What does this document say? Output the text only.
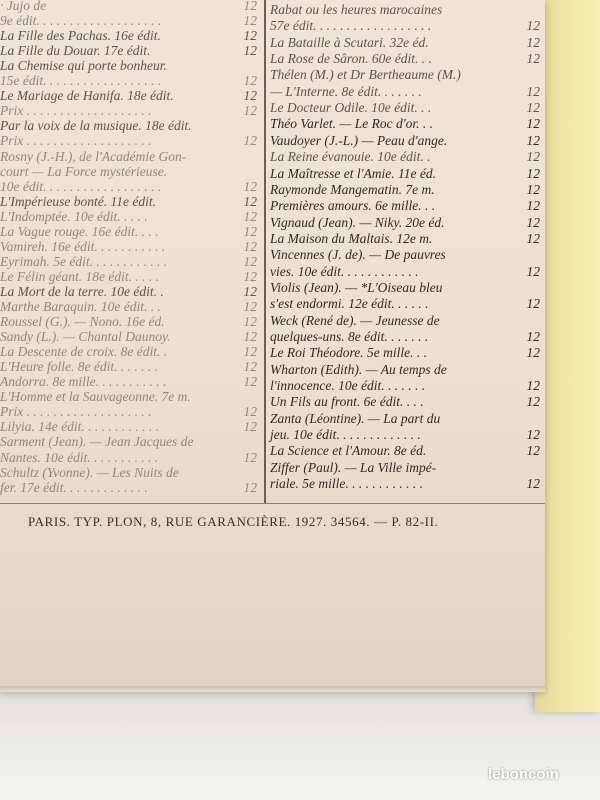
· Jujo de	12
9e édit. . . . . . . . . . . . . . . . . . .	12
La Fille des Pachas. 16e édit.	12
La Fille du Douar. 17e édit.	12
La Chemise qui porte bonheur.
15e édit. . . . . . . . . . . . . . . . . .	12
Le Mariage de Hanifa. 18e édit.	12
Prix . . . . . . . . . . . . . . . . . . .	12
Par la voix de la musique. 18e édit.
Prix . . . . . . . . . . . . . . . . . . .	12
Rosny (J.-H.), de l'Académie Gon-
court — La Force mystérieuse.
10e édit. . . . . . . . . . . . . . . . . .	12
L'Impérieuse bonté. 11e édit.	12
L'Indomptée. 10e édit. . . . .	12
La Vague rouge. 16e édit. . . .	12
Vamireh. 16e édit. . . . . . . . . . .	12
Eyrimah. 5e édit. . . . . . . . . . . .	12
Le Félin géant. 18e édit. . . . .	12
La Mort de la terre. 10e édit. .	12
Marthe Baraquin. 10e édit. . .	12
Roussel (G.). — Nono. 16e éd.	12
Sandy (L.). — Chantal Daunoy.	12
La Descente de croix. 8e édit. .	12
L'Heure folle. 8e édit. . . . . . .	12
Andorra. 8e mille. . . . . . . . . . .	12
L'Homme et la Sauvageonne. 7e m.
Prix . . . . . . . . . . . . . . . . . . .	12
Lilyia. 14e édit. . . . . . . . . . . .	12
Sarment (Jean). — Jean Jacques de
Nantes. 10e édit. . . . . . . . . . .	12
Schultz (Yvonne). — Les Nuits de
fer. 17e édit. . . . . . . . . . . . .	12
Rabat ou les heures marocaines
57e édit. . . . . . . . . . . . . . . . . .	12
La Bataille à Scutari. 32e éd.	12
La Rose de Sâron. 60e édit. . .	12
Thélen (M.) et Dr Bertheaume (M.)
— L'Interne. 8e édit. . . . . . .	12
Le Docteur Odile. 10e édit. . .	12
Théo Varlet. — Le Roc d'or. . .	12
Vaudoyer (J.-L.) — Peau d'ange.	12
La Reine évanouie. 10e édit. .	12
La Maîtresse et l'Amie. 11e éd.	12
Raymonde Mangematin. 7e m.	12
Premières amours. 6e mille. . .	12
Vignaud (Jean). — Niky. 20e éd.	12
La Maison du Maltais. 12e m.	12
Vincennes (J. de). — De pauvres
vies. 10e édit. . . . . . . . . . . .	12
Violis (Jean). — *L'Oiseau bleu
s'est endormi. 12e édit. . . . . .	12
Weck (René de). — Jeunesse de
quelques-uns. 8e édit. . . . . . .	12
Le Roi Théodore. 5e mille. . .	12
Wharton (Edith). — Au temps de
l'innocence. 10e édit. . . . . . .	12
Un Fils au front. 6e édit. . . .	12
Zanta (Léontine). — La part du
jeu. 10e édit. . . . . . . . . . . . .	12
La Science et l'Amour. 8e éd.	12
Ziffer (Paul). — La Ville impé-
riale. 5e mille. . . . . . . . . . . .	12
PARIS. TYP. PLON, 8, RUE GARANCIÈRE. 1927. 34564. — P. 82-II.
leboncoin
